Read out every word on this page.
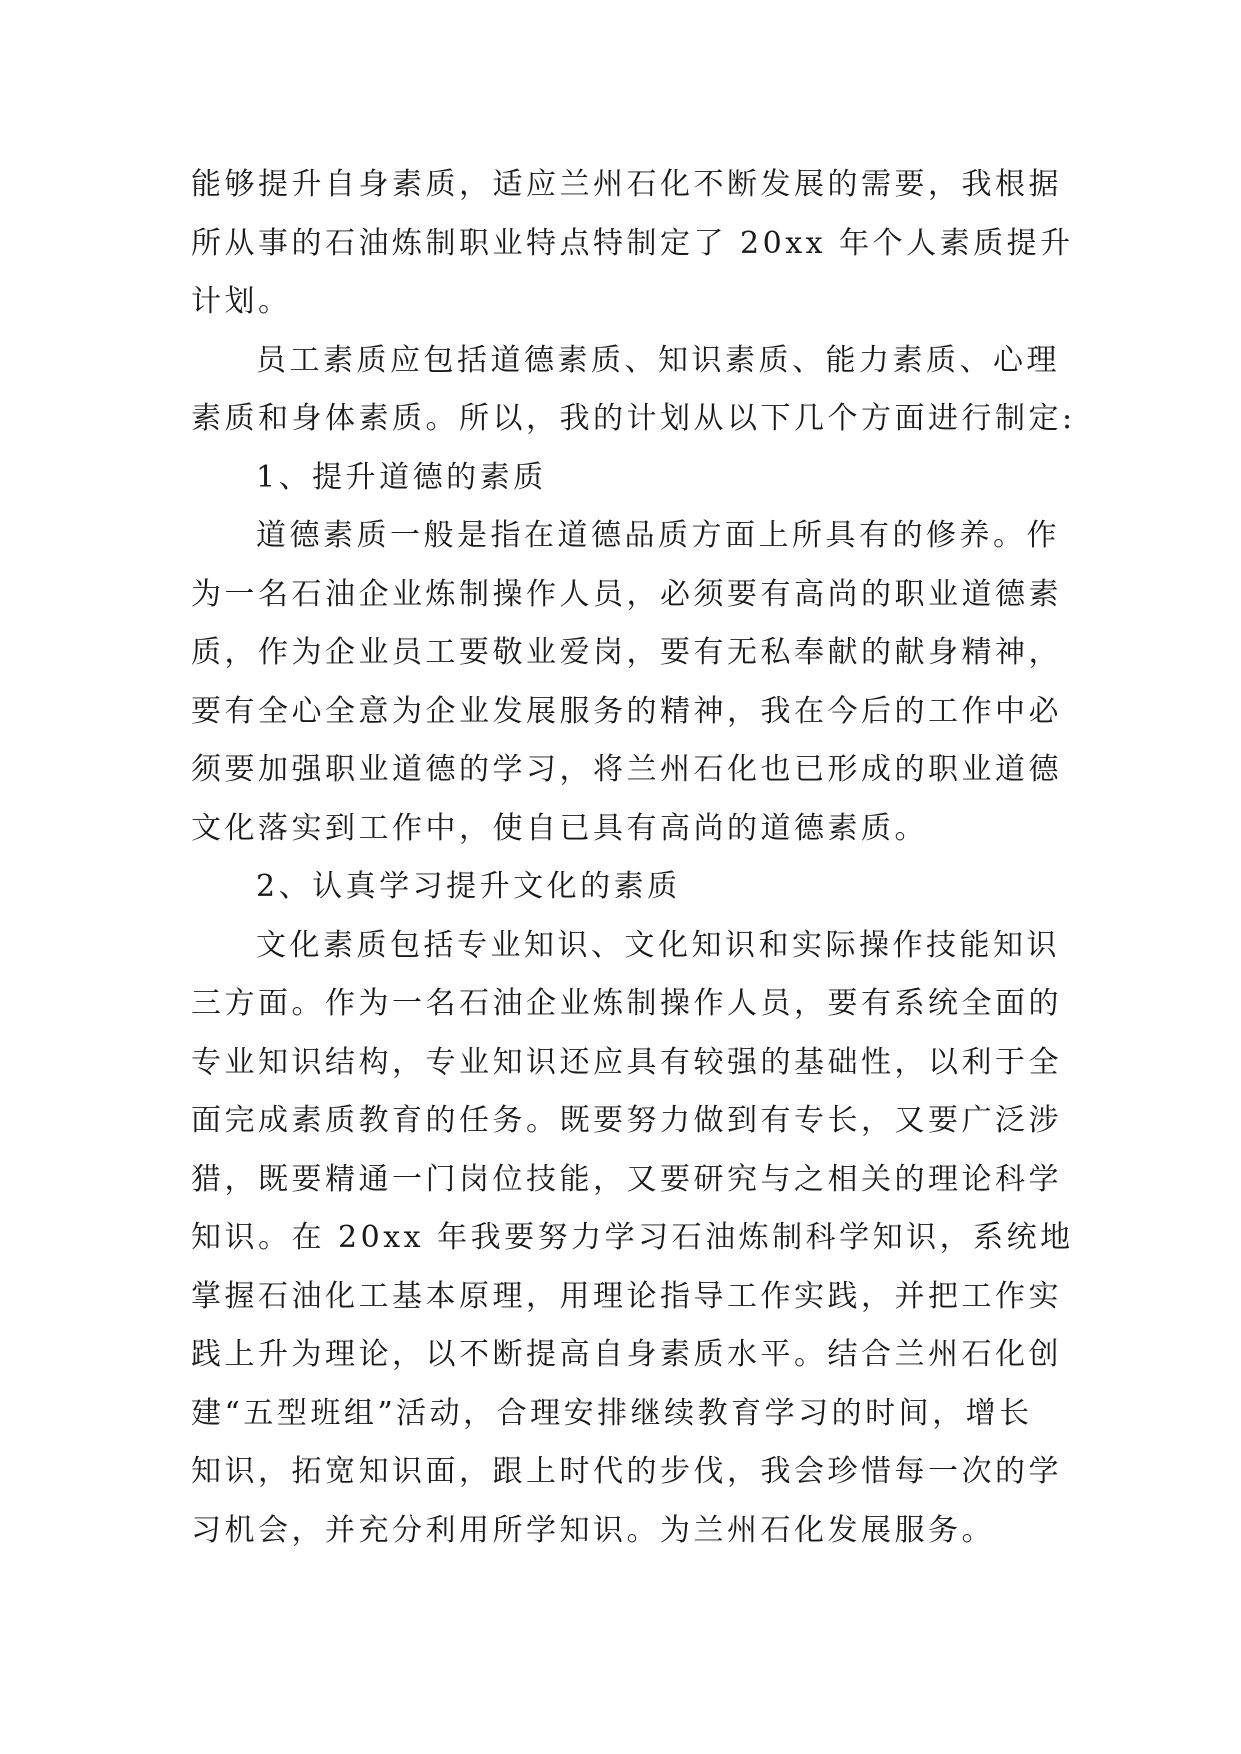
能够提升自身素质，适应兰州石化不断发展的需要，我根据
所从事的石油炼制职业特点特制定了 20xx 年个人素质提升
计划。
员工素质应包括道德素质、知识素质、能力素质、心理
素质和身体素质。所以，我的计划从以下几个方面进行制定:
1、提升道德的素质
道德素质一般是指在道德品质方面上所具有的修养。作
为一名石油企业炼制操作人员，必须要有高尚的职业道德素
质，作为企业员工要敬业爱岗，要有无私奉献的献身精神，
要有全心全意为企业发展服务的精神，我在今后的工作中必
须要加强职业道德的学习，将兰州石化也已形成的职业道德
文化落实到工作中，使自已具有高尚的道德素质。
2、认真学习提升文化的素质
文化素质包括专业知识、文化知识和实际操作技能知识
三方面。作为一名石油企业炼制操作人员，要有系统全面的
专业知识结构，专业知识还应具有较强的基础性，以利于全
面完成素质教育的任务。既要努力做到有专长，又要广泛涉
猎，既要精通一门岗位技能，又要研究与之相关的理论科学
知识。在 20xx 年我要努力学习石油炼制科学知识，系统地
掌握石油化工基本原理，用理论指导工作实践，并把工作实
践上升为理论，以不断提高自身素质水平。结合兰州石化创
建“五型班组”活动，合理安排继续教育学习的时间，增长
知识，拓宽知识面，跟上时代的步伐，我会珍惜每一次的学
习机会，并充分利用所学知识。为兰州石化发展服务。
